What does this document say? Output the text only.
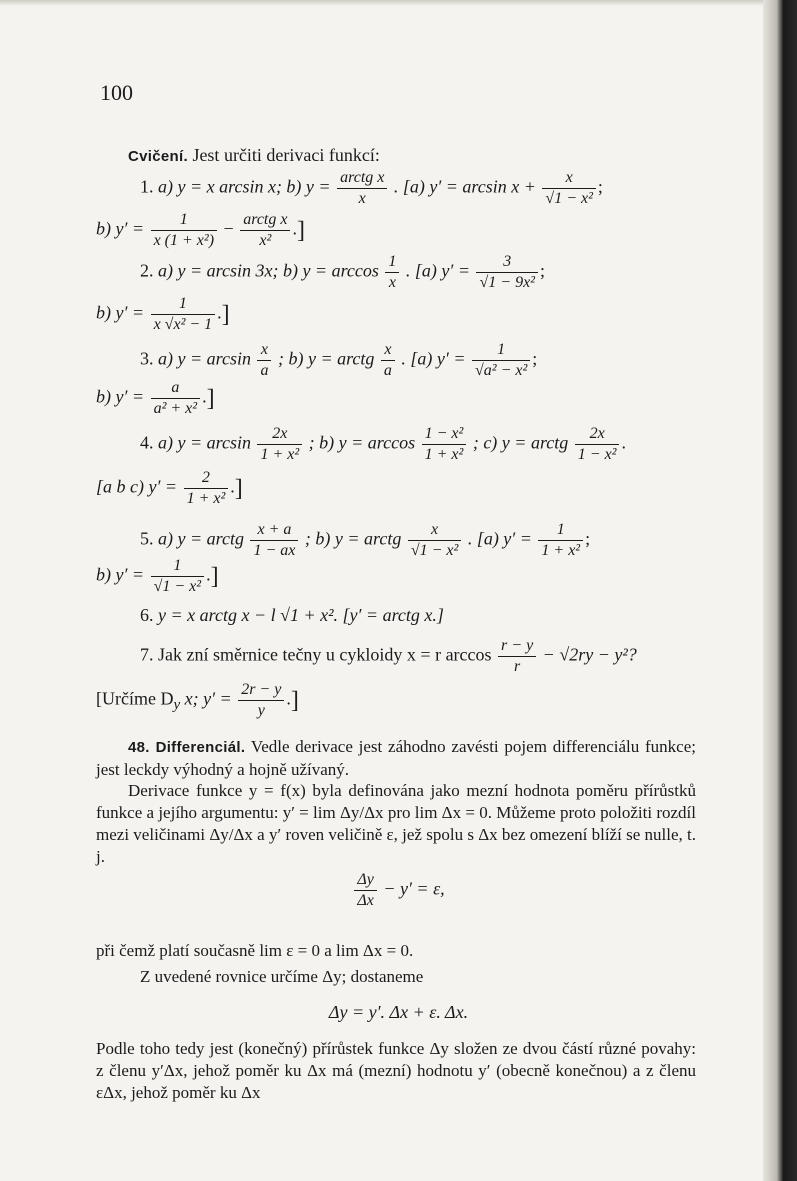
100
Cvičení. Jest určiti derivaci funkcí:
1. a) y = x arcsin x; b) $y = \frac{\text{arctg x}}{x}$ . [a) $y' = \arcsin x + \frac{x}{\text{√1 − x²}}$ ;
b) $y' = \frac{1}{\text{x (1 + x²)}} - \frac{\text{arctg x}}{\text{x²}}$ .]
2. a) y = arcsin 3x; b) $y = \arccos \frac{1}{x}$ . [a) $y' = \frac{3}{\text{√1 − 9x²}}$ ;
b) $y' = \frac{1}{\text{x √x² − 1}}$ .]
3. a) $y = \arcsin \frac{x}{a}$ ; b) y = arctg $\frac{x}{a}$ . [a) $y' = \frac{1}{\text{√a² − x²}}$ ;
b) $y' = \frac{a}{\text{a² + x²}}$ .]
4. a) $y = \arcsin \frac{2x}{\text{1 + x²}}$ ; b) $y = \arccos \frac{\text{1 − x²}}{\text{1 + x²}}$ ; c) y = arctg $\frac{2x}{\text{1 − x²}}$ .
[a b c) $y' = \frac{2}{\text{1 + x²}}$ .]
5. a) y = arctg $\frac{x + a}{1 - ax}$ ; b) y = arctg $\frac{x}{\text{√1 − x²}}$ . [a) $y' = \frac{1}{\text{1 + x²}}$ ;
b) $y' = \frac{1}{\text{√1 − x²}}$ .]
6. y = x arctg x − l √1 + x². [y′ = arctg x.]
7. Jak zní směrnice tečny u cykloidy x = r $\arccos \frac{r - y}{r} - √2ry - y^2$?
[Určíme $D_y$ x; $y' = \frac{2r - y}{y}$ .]
48. Differenciál. Vedle derivace jest záhodno zavésti pojem differenciálu funkce; jest leckdy výhodný a hojně užívaný.
Derivace funkce y = f(x) byla definována jako mezní hodnota poměru přírůstků funkce a jejího argumentu: y′ = lim Δy/Δx pro lim Δx = 0. Můžeme proto položiti rozdíl mezi veličinami Δy/Δx a y′ roven veličině ε, jež spolu s Δx bez omezení blíží se nulle, t. j.
$\frac{\Delta y}{\Delta x} - y' = \varepsilon$,
při čemž platí současně lim ε = 0 a lim Δx = 0.
Z uvedené rovnice určíme Δy; dostaneme
Δy = y′. Δx + ε. Δx.
Podle toho tedy jest (konečný) přírůstek funkce Δy složen ze dvou částí různé povahy: z členu y′Δx, jehož poměr ku Δx má (mezní) hodnotu y′ (obecně konečnou) a z členu εΔx, jehož poměr ku Δx
